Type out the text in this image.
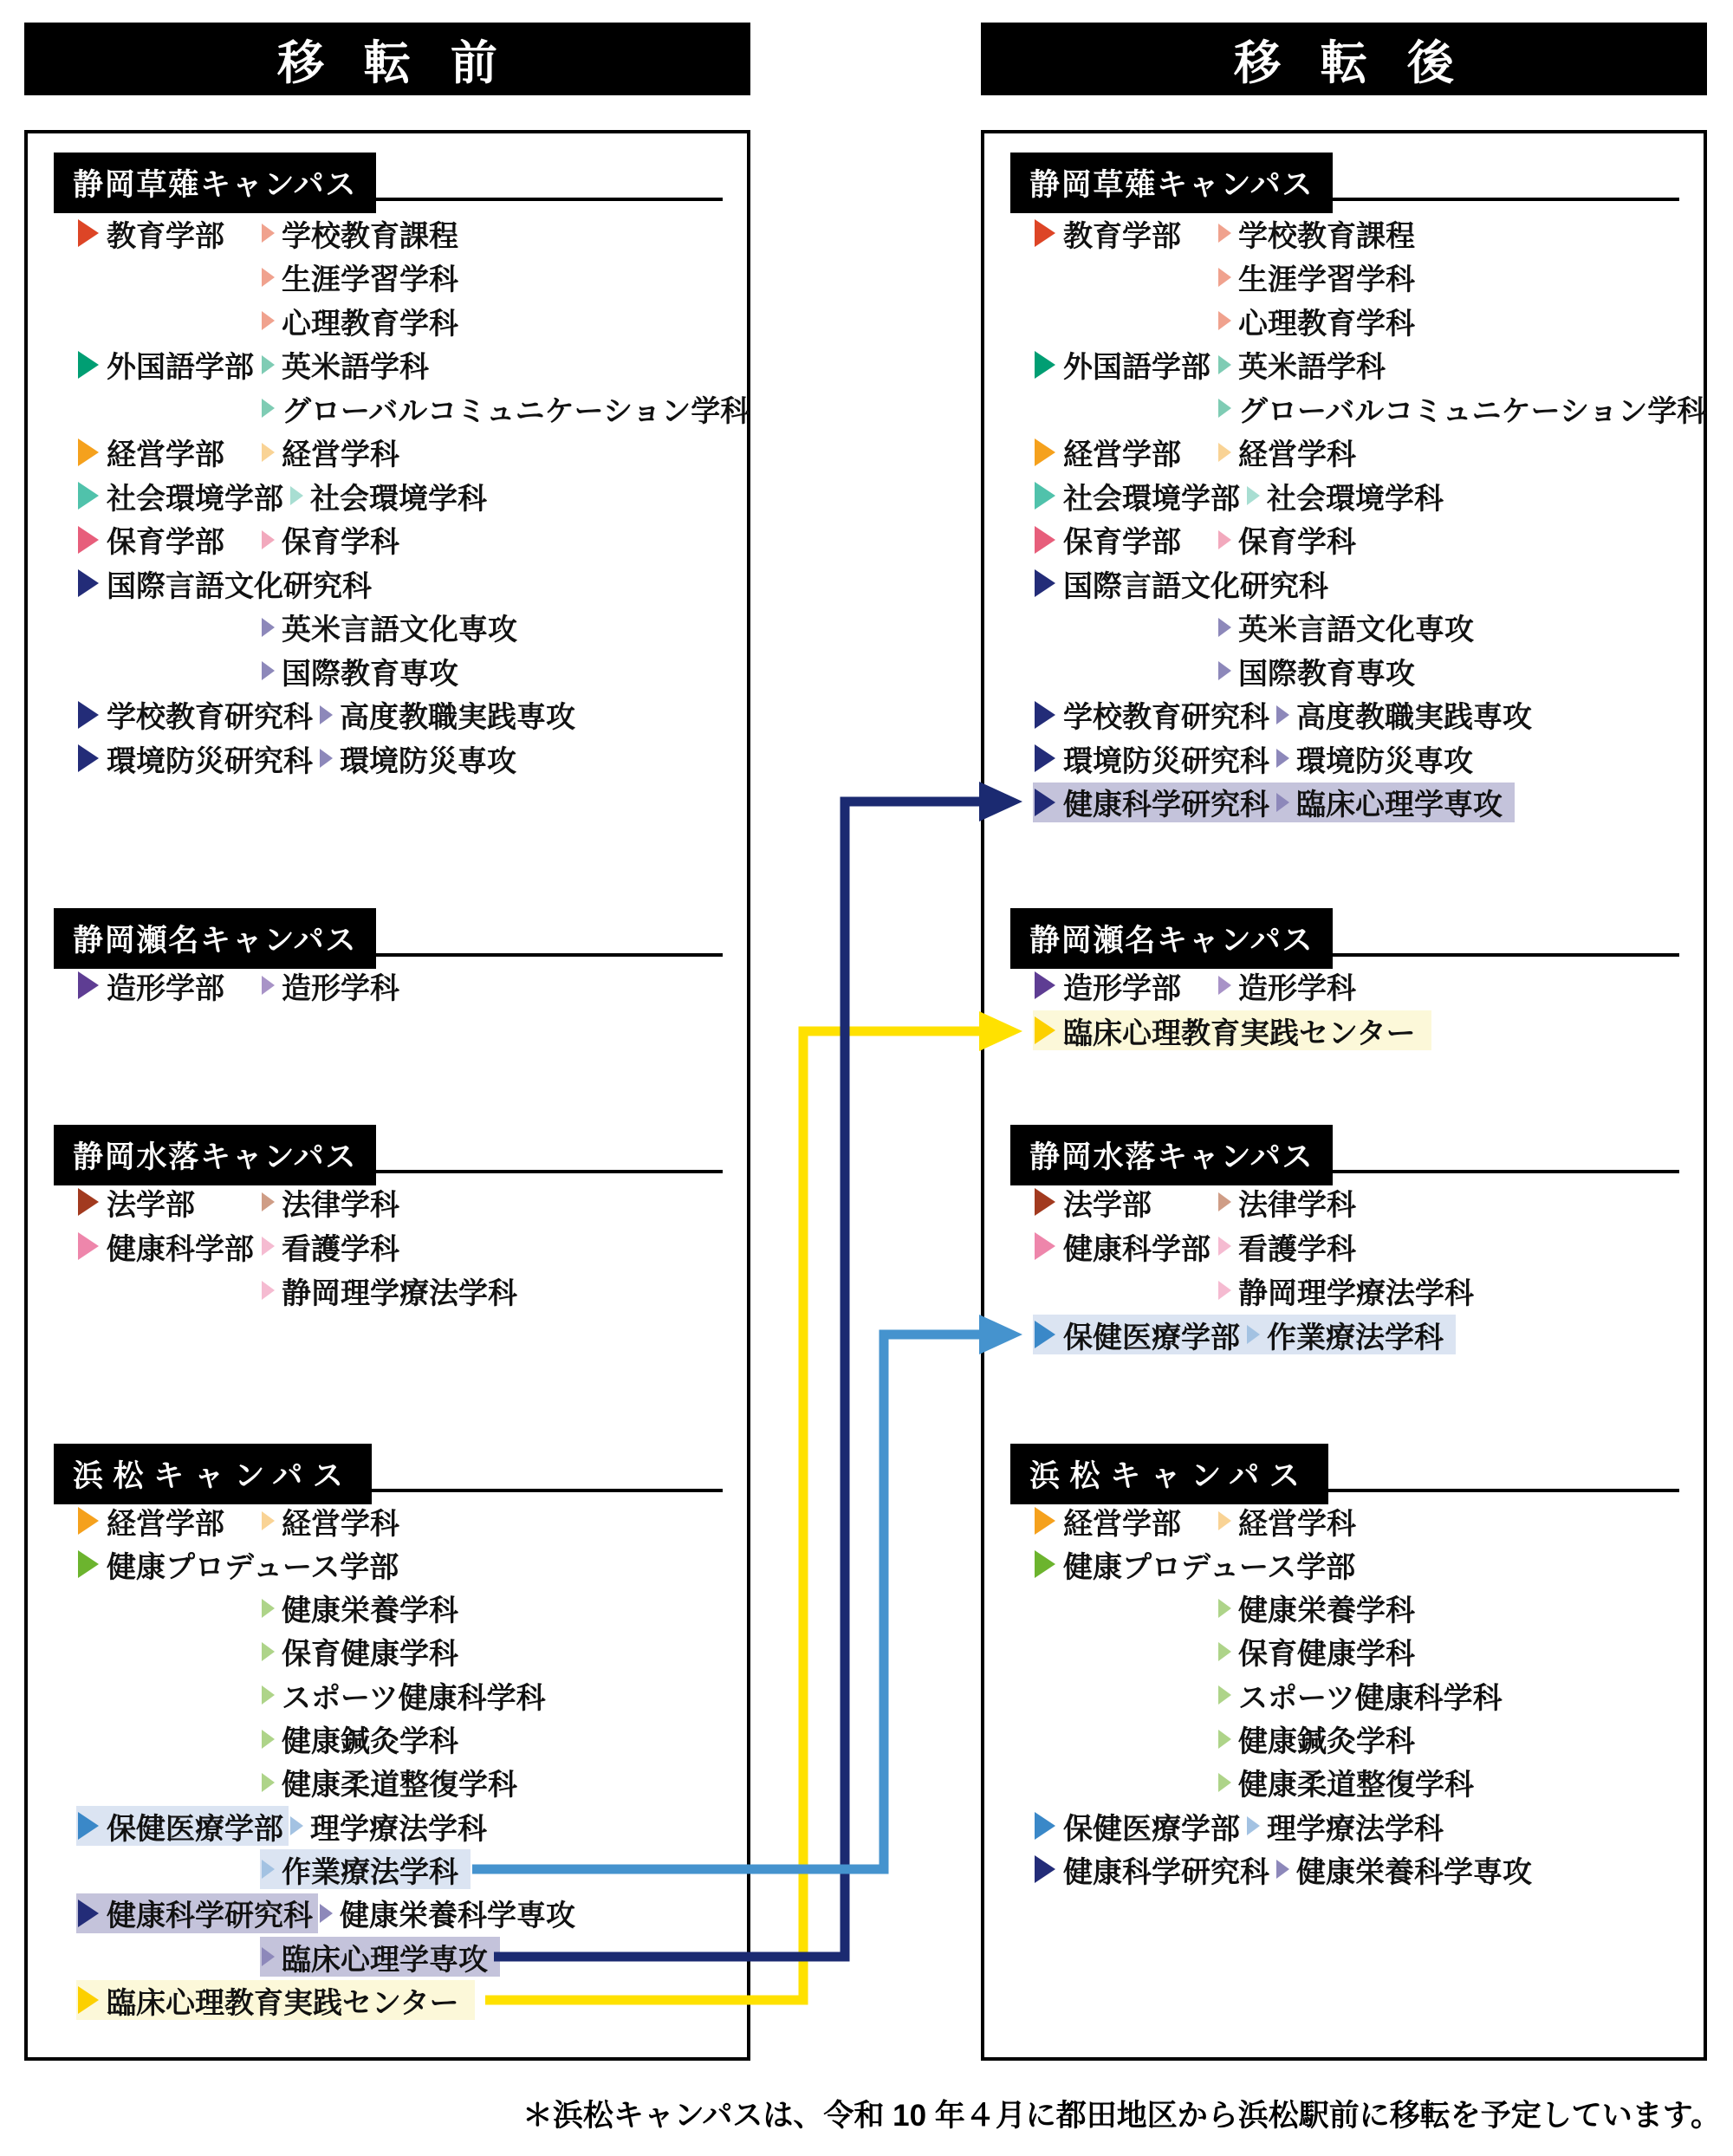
移転前	移転後
静岡草薙キャンパス
教育学部 学校教育課程
生涯学習学科
心理教育学科
外国語学部 英米語学科
グローバルコミュニケーション学科
経営学部 経営学科
社会環境学部 社会環境学科
保育学部 保育学科
国際言語文化研究科
英米言語文化専攻
国際教育専攻
学校教育研究科 高度教職実践専攻
環境防災研究科 環境防災専攻
静岡瀬名キャンパス
造形学部 造形学科
静岡水落キャンパス
法学部	法律学科
健康科学部 看護学科
静岡理学療法学科
浜松キャンパス
経営学部 経営学科
健康プロデュース学部
健康栄養学科
保育健康学科
スポーツ健康科学科
健康鍼灸学科
健康柔道整復学科
保健医療学部 理学療法学科
作業療法学科
健康科学研究科 健康栄養科学専攻
臨床心理学専攻
臨床心理教育実践センター
静岡草薙キャンパス
教育学部 学校教育課程
生涯学習学科
心理教育学科
外国語学部 英米語学科
グローバルコミュニケーション学科
経営学部 経営学科
社会環境学部 社会環境学科
保育学部 保育学科
国際言語文化研究科
英米言語文化専攻
国際教育専攻
学校教育研究科 高度教職実践専攻
環境防災研究科 環境防災専攻
健康科学研究科 臨床心理学専攻
静岡瀬名キャンパス
造形学部 造形学科
臨床心理教育実践センター
静岡水落キャンパス
法学部	法律学科
健康科学部 看護学科
静岡理学療法学科
保健医療学部 作業療法学科
浜松キャンパス
経営学部 経営学科
健康プロデュース学部
健康栄養学科
保育健康学科
スポーツ健康科学科
健康鍼灸学科
健康柔道整復学科
保健医療学部 理学療法学科
健康科学研究科 健康栄養科学専攻
＊浜松キャンパスは、令和 10 年４月に都田地区から浜松駅前に移転を予定しています。
